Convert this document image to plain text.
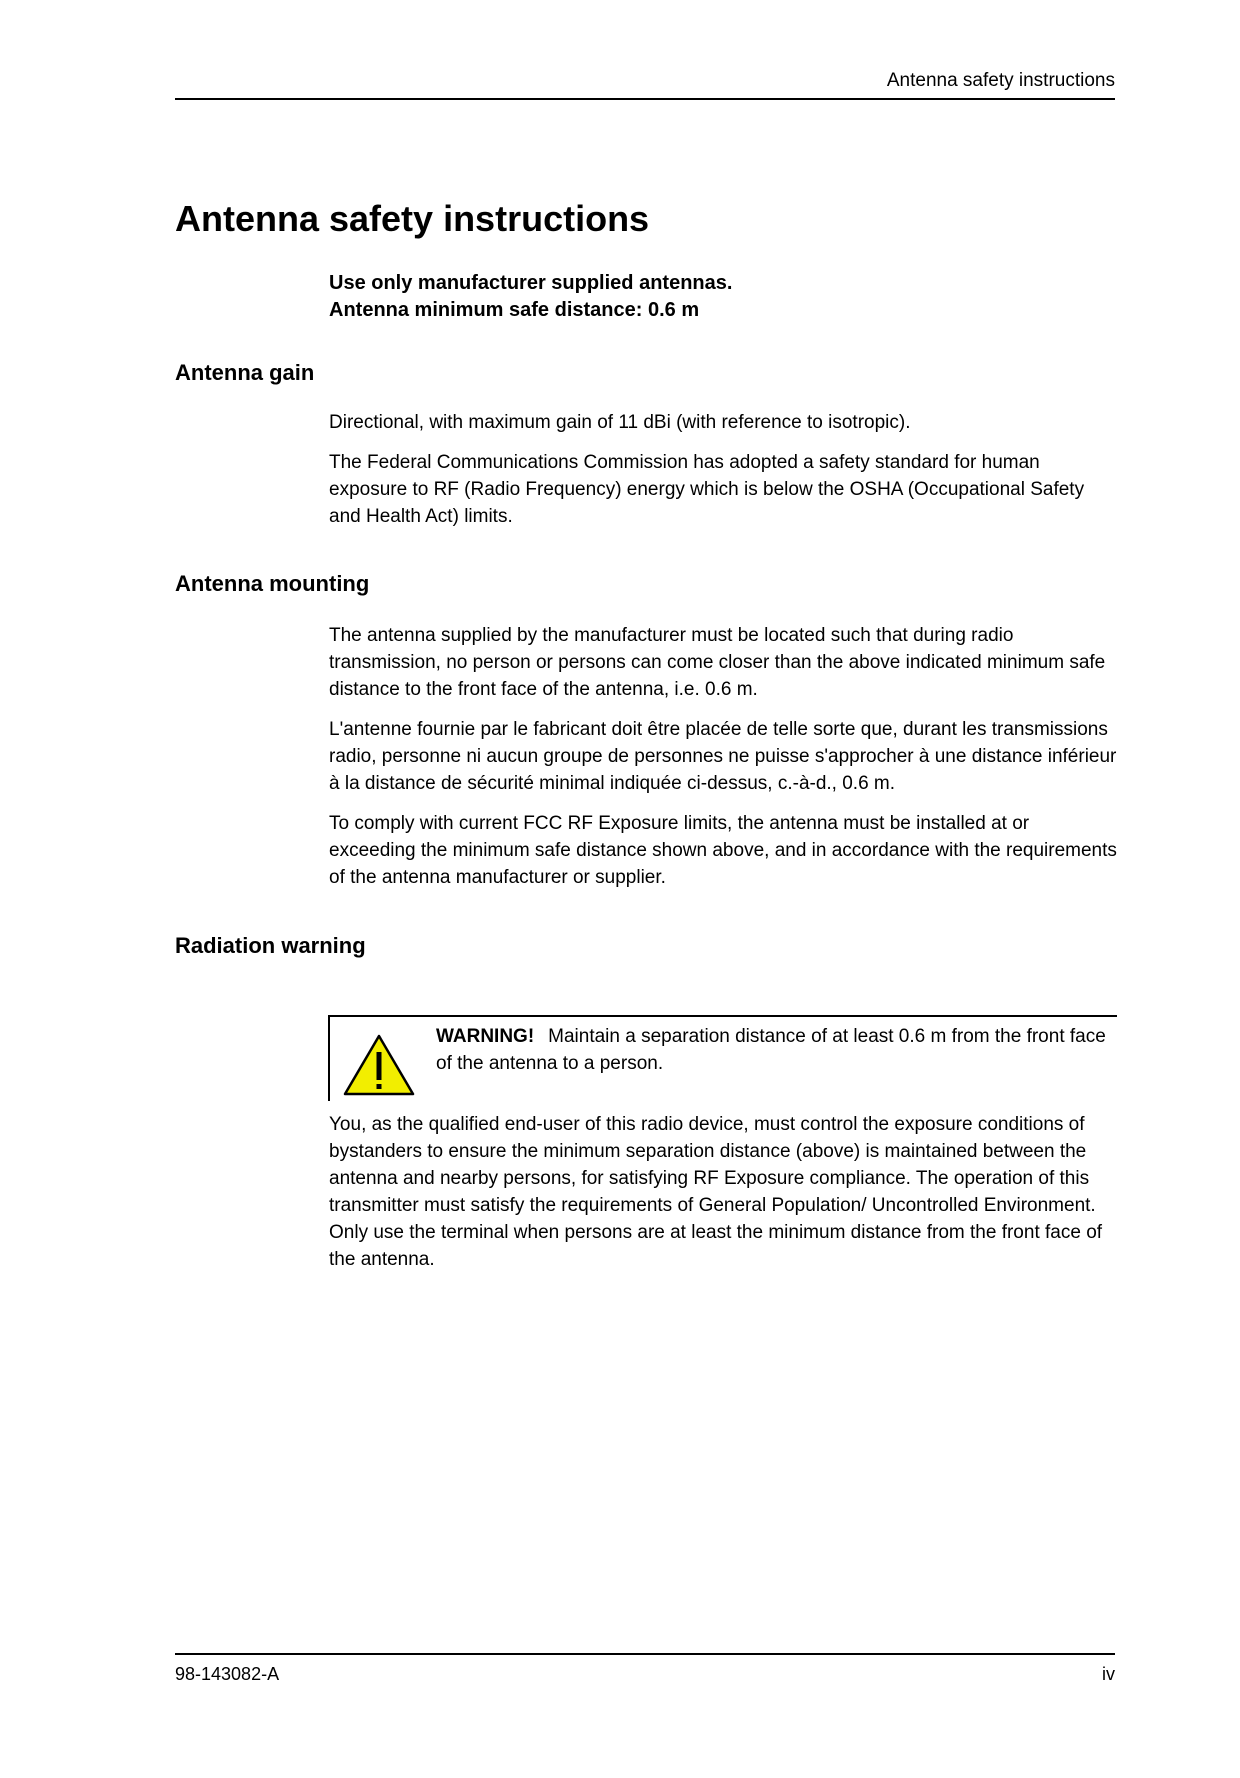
Antenna safety instructions
Antenna safety instructions
Use only manufacturer supplied antennas.
Antenna minimum safe distance: 0.6 m
Antenna gain

Directional, with maximum gain of 11 dBi (with reference to isotropic).

The Federal Communications Commission has adopted a safety standard for human exposure to RF (Radio Frequency) energy which is below the OSHA (Occupational Safety and Health Act) limits.

Antenna mounting

The antenna supplied by the manufacturer must be located such that during radio transmission, no person or persons can come closer than the above indicated minimum safe distance to the front face of the antenna, i.e. 0.6 m.

L'antenne fournie par le fabricant doit être placée de telle sorte que, durant les transmissions radio, personne ni aucun groupe de personnes ne puisse s'approcher à une distance inférieur à la distance de sécurité minimal indiquée ci-dessus, c.-à-d., 0.6 m.

To comply with current FCC RF Exposure limits, the antenna must be installed at or exceeding the minimum safe distance shown above, and in accordance with the requirements of the antenna manufacturer or supplier.

Radiation warning
WARNING! Maintain a separation distance of at least 0.6 m from the front face of the antenna to a person.

You, as the qualified end-user of this radio device, must control the exposure conditions of bystanders to ensure the minimum separation distance (above) is maintained between the antenna and nearby persons, for satisfying RF Exposure compliance. The operation of this transmitter must satisfy the requirements of General Population/ Uncontrolled Environment. Only use the terminal when persons are at least the minimum distance from the front face of the antenna.

98-143082-A	iv
